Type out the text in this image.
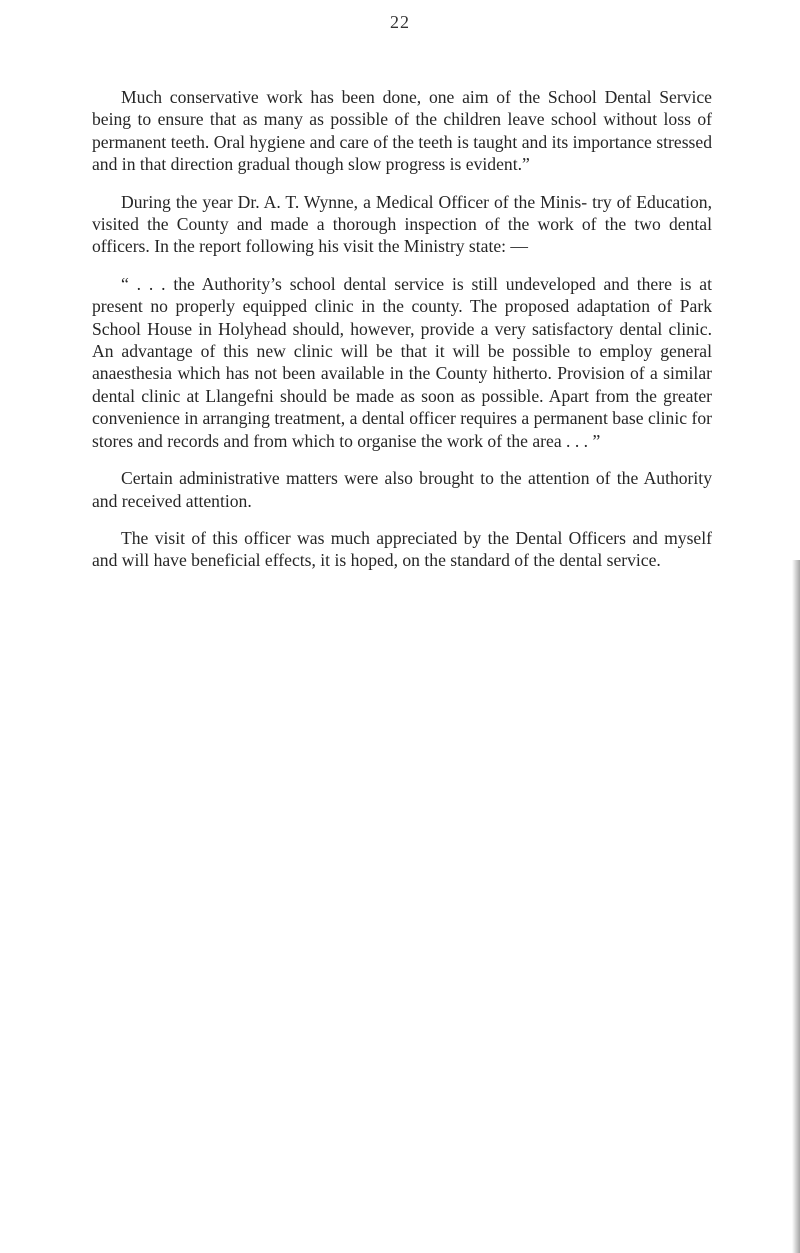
22

Much conservative work has been done, one aim of the School Dental Service being to ensure that as many as possible of the children leave school without loss of permanent teeth. Oral hygiene and care of the teeth is taught and its importance stressed and in that direction gradual though slow progress is evident.”

During the year Dr. A. T. Wynne, a Medical Officer of the Minis- try of Education, visited the County and made a thorough inspection of the work of the two dental officers. In the report following his visit the Ministry state: —

“ . . . the Authority’s school dental service is still undeveloped and there is at present no properly equipped clinic in the county. The proposed adaptation of Park School House in Holyhead should, however, provide a very satisfactory dental clinic. An advantage of this new clinic will be that it will be possible to employ general anaesthesia which has not been available in the County hitherto. Provision of a similar dental clinic at Llangefni should be made as soon as possible. Apart from the greater convenience in arranging treatment, a dental officer requires a permanent base clinic for stores and records and from which to organise the work of the area . . . ”

Certain administrative matters were also brought to the attention of the Authority and received attention.

The visit of this officer was much appreciated by the Dental Officers and myself and will have beneficial effects, it is hoped, on the standard of the dental service.
